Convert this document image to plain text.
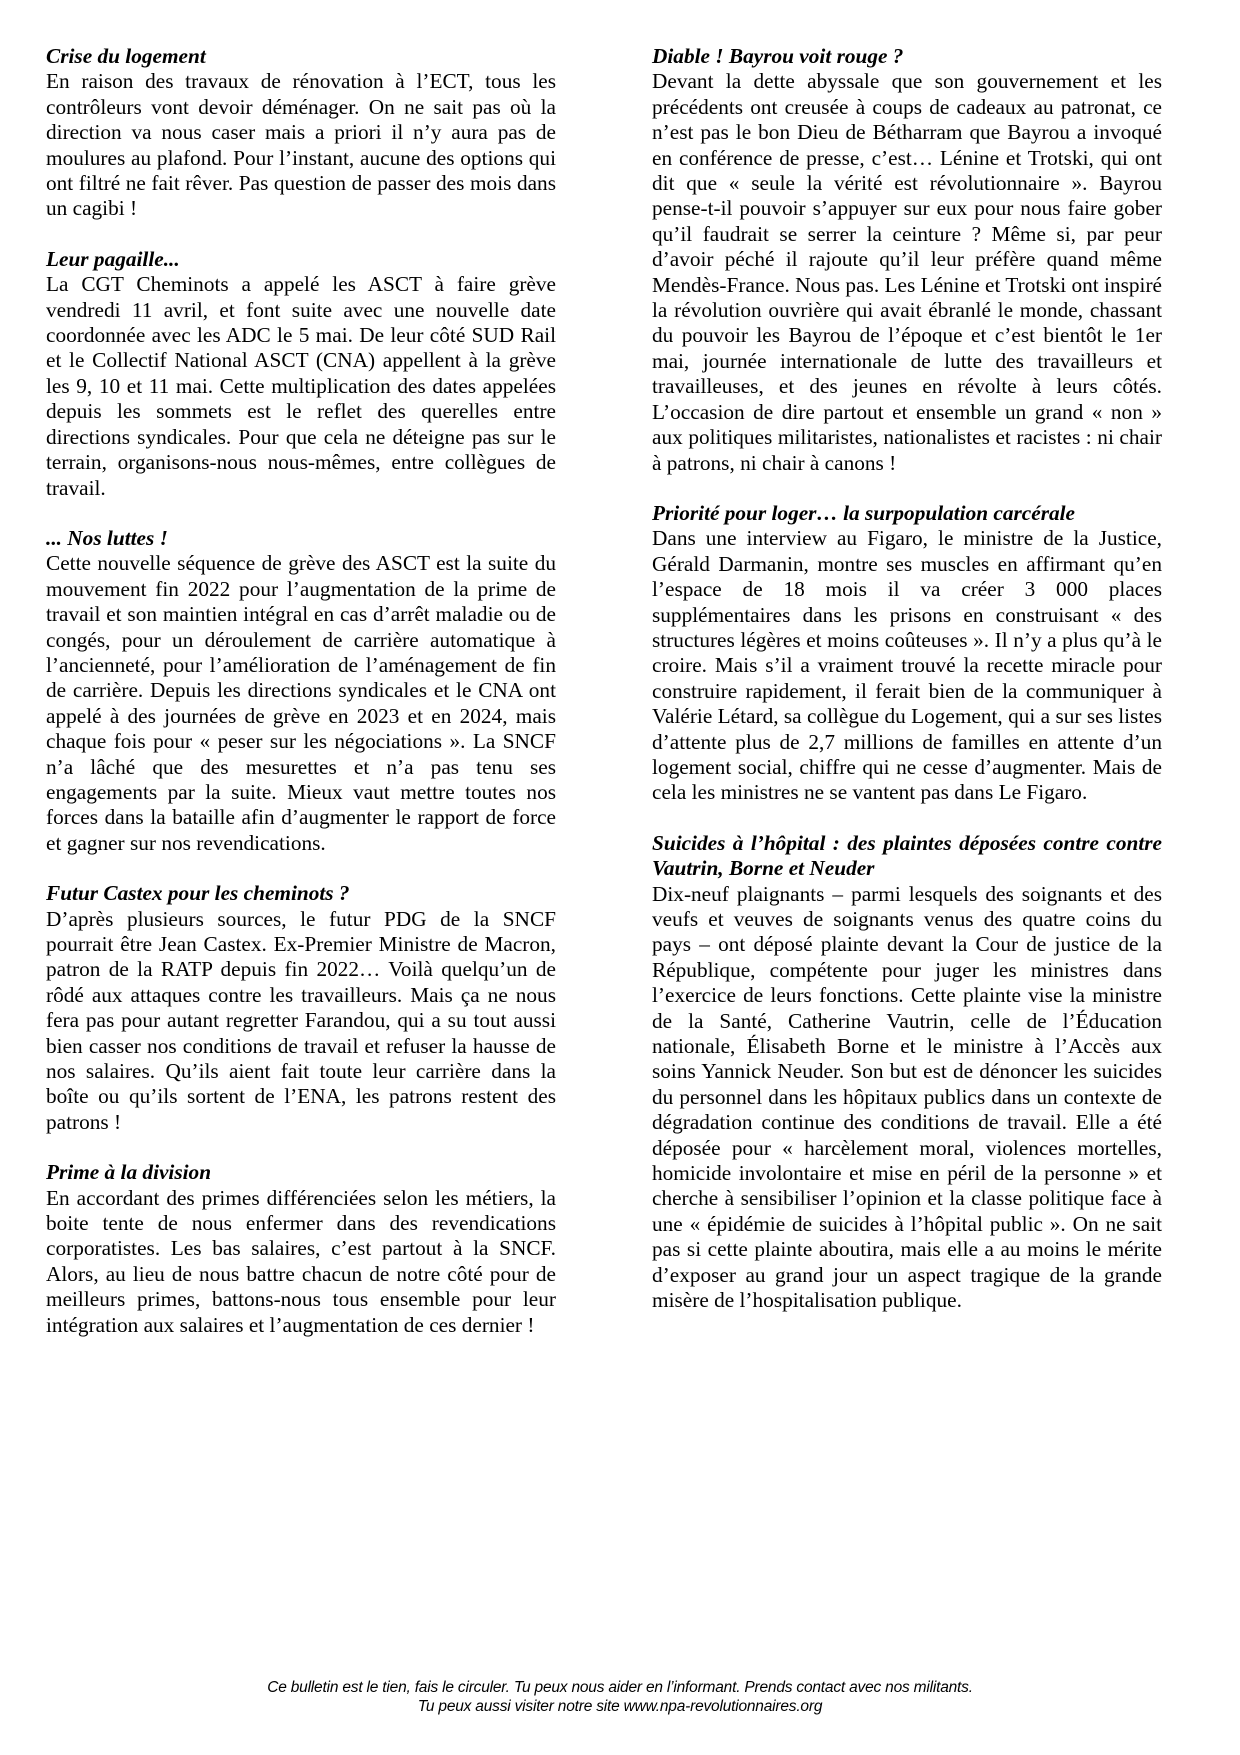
Crise du logement

En raison des travaux de rénovation à l’ECT, tous les contrôleurs vont devoir déménager. On ne sait pas où la direction va nous caser mais a priori il n’y aura pas de moulures au plafond. Pour l’instant, aucune des options qui ont filtré ne fait rêver. Pas question de passer des mois dans un cagibi !

Leur pagaille...

La CGT Cheminots a appelé les ASCT à faire grève vendredi 11 avril, et font suite avec une nouvelle date coordonnée avec les ADC le 5 mai. De leur côté SUD Rail et le Collectif National ASCT (CNA) appellent à la grève les 9, 10 et 11 mai. Cette multiplication des dates appelées depuis les sommets est le reflet des querelles entre directions syndicales. Pour que cela ne déteigne pas sur le terrain, organisons-nous nous-mêmes, entre collègues de travail.

... Nos luttes !

Cette nouvelle séquence de grève des ASCT est la suite du mouvement fin 2022 pour l’augmentation de la prime de travail et son maintien intégral en cas d’arrêt maladie ou de congés, pour un déroulement de carrière automatique à l’ancienneté, pour l’amélioration de l’aménagement de fin de carrière. Depuis les directions syndicales et le CNA ont appelé à des journées de grève en 2023 et en 2024, mais chaque fois pour « peser sur les négociations ». La SNCF n’a lâché que des mesurettes et n’a pas tenu ses engagements par la suite. Mieux vaut mettre toutes nos forces dans la bataille afin d’augmenter le rapport de force et gagner sur nos revendications.

Futur Castex pour les cheminots ?

D’après plusieurs sources, le futur PDG de la SNCF pourrait être Jean Castex. Ex-Premier Ministre de Macron, patron de la RATP depuis fin 2022… Voilà quelqu’un de rôdé aux attaques contre les travailleurs. Mais ça ne nous fera pas pour autant regretter Farandou, qui a su tout aussi bien casser nos conditions de travail et refuser la hausse de nos salaires. Qu’ils aient fait toute leur carrière dans la boîte ou qu’ils sortent de l’ENA, les patrons restent des patrons !

Prime à la division

En accordant des primes différenciées selon les métiers, la boite tente de nous enfermer dans des revendications corporatistes. Les bas salaires, c’est partout à la SNCF. Alors, au lieu de nous battre chacun de notre côté pour de meilleurs primes, battons-nous tous ensemble pour leur intégration aux salaires et l’augmentation de ces dernier !

Diable ! Bayrou voit rouge ?

Devant la dette abyssale que son gouvernement et les précédents ont creusée à coups de cadeaux au patronat, ce n’est pas le bon Dieu de Bétharram que Bayrou a invoqué en conférence de presse, c’est… Lénine et Trotski, qui ont dit que « seule la vérité est révolutionnaire ». Bayrou pense-t-il pouvoir s’appuyer sur eux pour nous faire gober qu’il faudrait se serrer la ceinture ? Même si, par peur d’avoir péché il rajoute qu’il leur préfère quand même Mendès-France. Nous pas. Les Lénine et Trotski ont inspiré la révolution ouvrière qui avait ébranlé le monde, chassant du pouvoir les Bayrou de l’époque et c’est bientôt le 1er mai, journée internationale de lutte des travailleurs et travailleuses, et des jeunes en révolte à leurs côtés. L’occasion de dire partout et ensemble un grand « non » aux politiques militaristes, nationalistes et racistes : ni chair à patrons, ni chair à canons !

Priorité pour loger… la surpopulation carcérale

Dans une interview au Figaro, le ministre de la Justice, Gérald Darmanin, montre ses muscles en affirmant qu’en l’espace de 18 mois il va créer 3 000 places supplémentaires dans les prisons en construisant « des structures légères et moins coûteuses ». Il n’y a plus qu’à le croire. Mais s’il a vraiment trouvé la recette miracle pour construire rapidement, il ferait bien de la communiquer à Valérie Létard, sa collègue du Logement, qui a sur ses listes d’attente plus de 2,7 millions de familles en attente d’un logement social, chiffre qui ne cesse d’augmenter. Mais de cela les ministres ne se vantent pas dans Le Figaro.

Suicides à l’hôpital : des plaintes déposées contre contre Vautrin, Borne et Neuder

Dix-neuf plaignants – parmi lesquels des soignants et des veufs et veuves de soignants venus des quatre coins du pays – ont déposé plainte devant la Cour de justice de la République, compétente pour juger les ministres dans l’exercice de leurs fonctions. Cette plainte vise la ministre de la Santé, Catherine Vautrin, celle de l’Éducation nationale, Élisabeth Borne et le ministre à l’Accès aux soins Yannick Neuder. Son but est de dénoncer les suicides du personnel dans les hôpitaux publics dans un contexte de dégradation continue des conditions de travail. Elle a été déposée pour « harcèlement moral, violences mortelles, homicide involontaire et mise en péril de la personne » et cherche à sensibiliser l’opinion et la classe politique face à une « épidémie de suicides à l’hôpital public ». On ne sait pas si cette plainte aboutira, mais elle a au moins le mérite d’exposer au grand jour un aspect tragique de la grande misère de l’hospitalisation publique.

Ce bulletin est le tien, fais le circuler. Tu peux nous aider en l’informant. Prends contact avec nos militants.

Tu peux aussi visiter notre site www.npa-revolutionnaires.org
